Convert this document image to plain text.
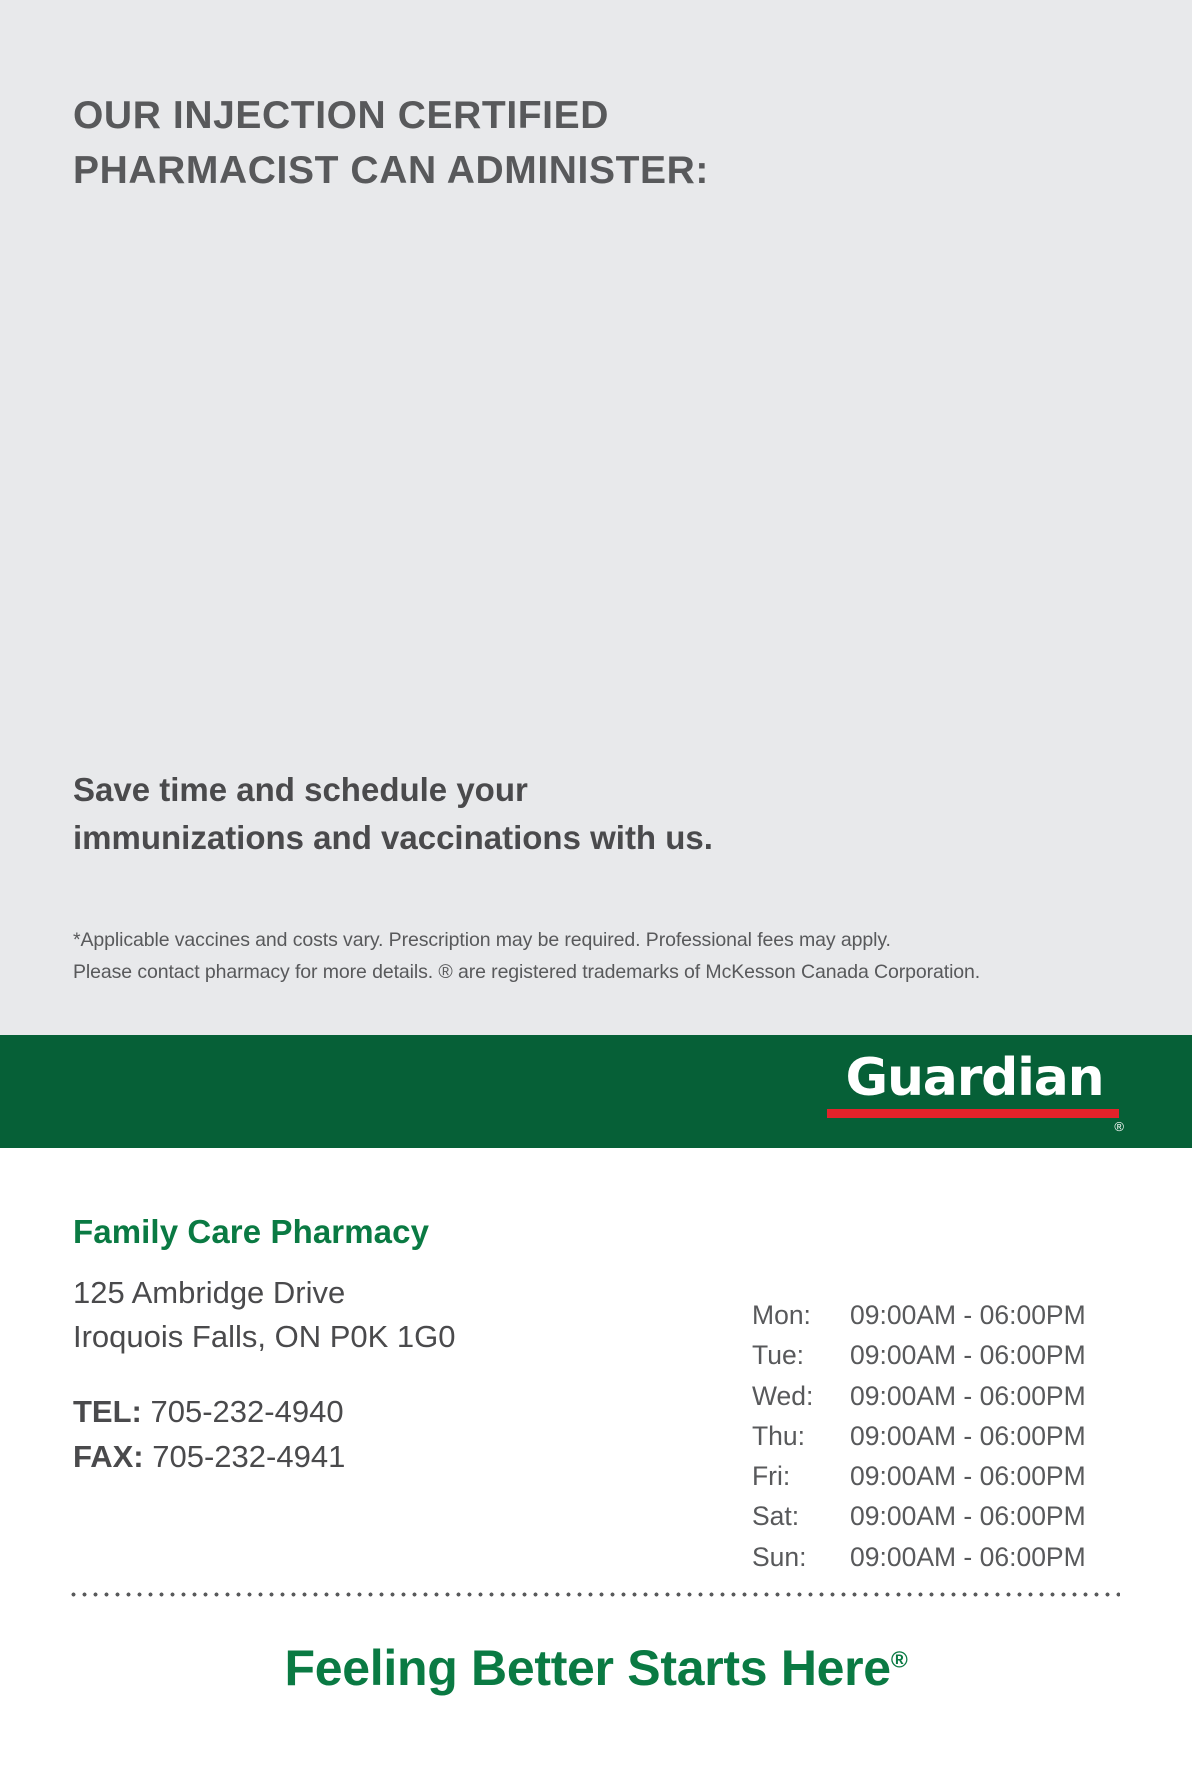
OUR INJECTION CERTIFIED
PHARMACIST CAN ADMINISTER:
Save time and schedule your
immunizations and vaccinations with us.
*Applicable vaccines and costs vary. Prescription may be required. Professional fees may apply.
Please contact pharmacy for more details. ® are registered trademarks of McKesson Canada Corporation.
Guardian
®
Family Care Pharmacy
125 Ambridge Drive
Iroquois Falls, ON P0K 1G0
TEL: 705-232-4940
FAX: 705-232-4941
Mon:	09:00AM - 06:00PM
Tue:	09:00AM - 06:00PM
Wed:	09:00AM - 06:00PM
Thu:	09:00AM - 06:00PM
Fri:	09:00AM - 06:00PM
Sat:	09:00AM - 06:00PM
Sun:	09:00AM - 06:00PM
Feeling Better Starts Here®
